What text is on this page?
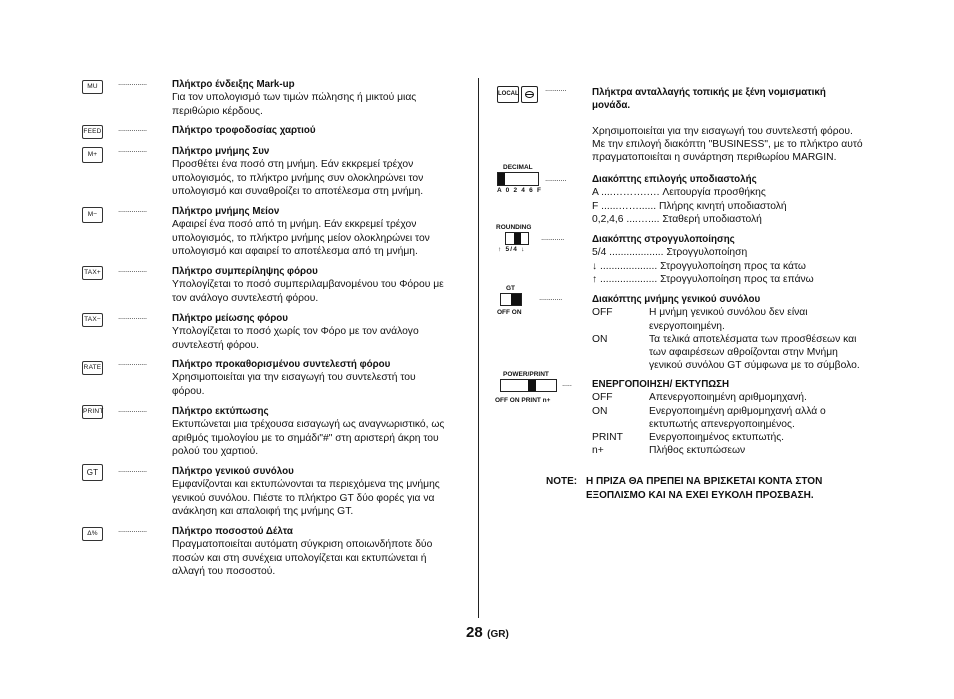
MU	...............	Πλήκτρο ένδειξης Mark-up
Για τον υπολογισμό των τιμών πώλησης ή μικτού μιας
περιθώριο κέρδους.
FEED ...............	Πλήκτρο τροφοδοσίας χαρτιού
M+
...............	Πλήκτρο μνήμης Συν
Προσθέτει ένα ποσό στη μνήμη. Εάν εκκρεμεί τρέχον
υπολογισμός, το πλήκτρο μνήμης συν ολοκληρώνει τον
υπολογισμό και συναθροίζει το αποτέλεσμα στη μνήμη.
M−
...............	Πλήκτρο μνήμης Μείον
Αφαιρεί ένα ποσό από τη μνήμη. Εάν εκκρεμεί τρέχον
υπολογισμός, το πλήκτρο μνήμης μείον ολοκληρώνει τον
υπολογισμό και αφαιρεί το αποτέλεσμα από τη μνήμη.
TAX+ ...............	Πλήκτρο συμπερίληψης φόρου
Υπολογίζεται το ποσό συμπεριλαμβανομένου του Φόρου με
τον ανάλογο συντελεστή φόρου.
TAX− ...............	Πλήκτρο μείωσης φόρου
Υπολογίζεται το ποσό χωρίς τον Φόρο με τον ανάλογο
συντελεστή φόρου.
RATE
...............	Πλήκτρο προκαθορισμένου συντελεστή φόρου
Χρησιμοποιείται για την εισαγωγή του συντελεστή του
φόρου.
PRINT ...............	Πλήκτρο εκτύπωσης
Εκτυπώνεται μια τρέχουσα εισαγωγή ως αναγνωριστικό, ως
αριθμός τιμολογίου με το σημάδι"#" στη αριστερή άκρη του
ρολού του χαρτιού.
GT	...............	Πλήκτρο γενικού συνόλου
Εμφανίζονται και εκτυπώνονται τα περιεχόμενα της μνήμης
γενικού συνόλου. Πιέστε το πλήκτρο GT δύο φορές για να
ανάκληση και απαλοιφή της μνήμης GT.
Δ%	...............	Πλήκτρο ποσοστού Δέλτα
Πραγματοποιείται αυτόματη σύγκριση οποιωνδήποτε δύο
ποσών και στη συνέχεια υπολογίζεται και εκτυπώνεται ή
αλλαγή του ποσοστού.
LOCAL
...........	Πλήκτρα ανταλλαγής τοπικής με ξένη νομισματική
μονάδα.
Χρησιμοποιείται για την εισαγωγή του συντελεστή φόρου.
Με την επιλογή διακόπτη "BUSINESS", με το πλήκτρο αυτό
πραγματοποιείται η συνάρτηση περιθωρίου MARGIN.
DECIMAL
A 0 2 4 6 F
...........	Διακόπτης επιλογής υποδιαστολής
A ....……….…. Λειτουργία προσθήκης
F ......……...... Πλήρης κινητή υποδιαστολή
0,2,4,6 ....….... Σταθερή υποδιαστολή
ROUNDING
↑ 5/4 ↓
............	Διακόπτης στρογγυλοποίησης
5/4 ................... Στρογγυλοποίηση
↓ .................... Στρογγυλοποίηση προς τα κάτω
↑ .................... Στρογγυλοποίηση προς τα επάνω
GT
OFF ON
............	Διακόπτης μνήμης γενικού συνόλου
OFF	Η μνήμη γενικού συνόλου δεν είναι
ενεργοποιημένη.
ON	Τα τελικά αποτελέσματα των προσθέσεων και
των αφαιρέσεων αθροίζονται στην Μνήμη
γενικού συνόλου GT σύμφωνα με το σύμβολο.
POWER/PRINT
OFF ON PRINT n+
..... ΕΝΕΡΓΟΠΟΙΗΣΗ/ ΕΚΤΥΠΩΣΗ
OFF	Απενεργοποιημένη αριθμομηχανή.
ON	Ενεργοποιημένη αριθμομηχανή αλλά ο
εκτυπωτής απενεργοποιημένος.
PRINT	Ενεργοποιημένος εκτυπωτής.
n+	Πλήθος εκτυπώσεων
NOTE: Η ΠΡΙΖΑ ΘΑ ΠΡΕΠΕΙ ΝΑ ΒΡΙΣΚΕΤΑΙ ΚΟΝΤΑ ΣΤΟΝ
ΕΞΟΠΛΙΣΜΟ ΚΑΙ ΝΑ ΕΧΕΙ ΕΥΚΟΛΗ ΠΡΟΣΒΑΣΗ.
28 (GR)
